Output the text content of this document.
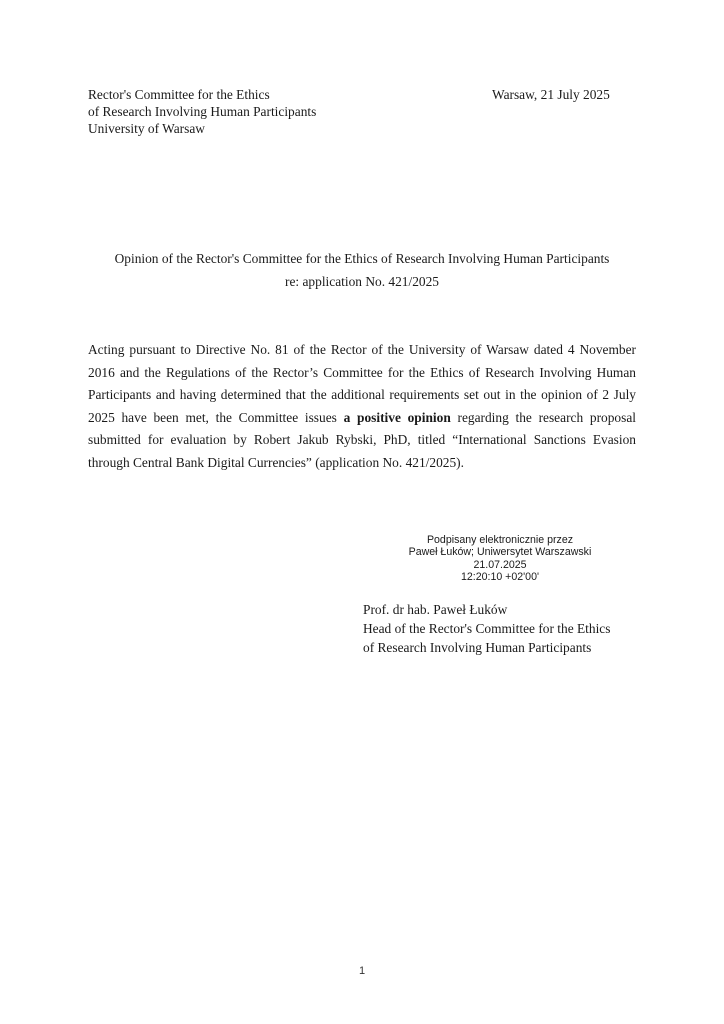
Rector's Committee for the Ethics
of Research Involving Human Participants
University of Warsaw
Warsaw, 21 July 2025
Opinion of the Rector's Committee for the Ethics of Research Involving Human Participants
re: application No. 421/2025
Acting pursuant to Directive No. 81 of the Rector of the University of Warsaw dated 4 November 2016 and the Regulations of the Rector’s Committee for the Ethics of Research Involving Human Participants and having determined that the additional requirements set out in the opinion of 2 July 2025 have been met, the Committee issues a positive opinion regarding the research proposal submitted for evaluation by Robert Jakub Rybski, PhD, titled “International Sanctions Evasion through Central Bank Digital Currencies” (application No. 421/2025).
Podpisany elektronicznie przez
Paweł Łuków; Uniwersytet Warszawski
21.07.2025
12:20:10 +02'00'
Prof. dr hab. Paweł Łuków
Head of the Rector's Committee for the Ethics
of Research Involving Human Participants
1
